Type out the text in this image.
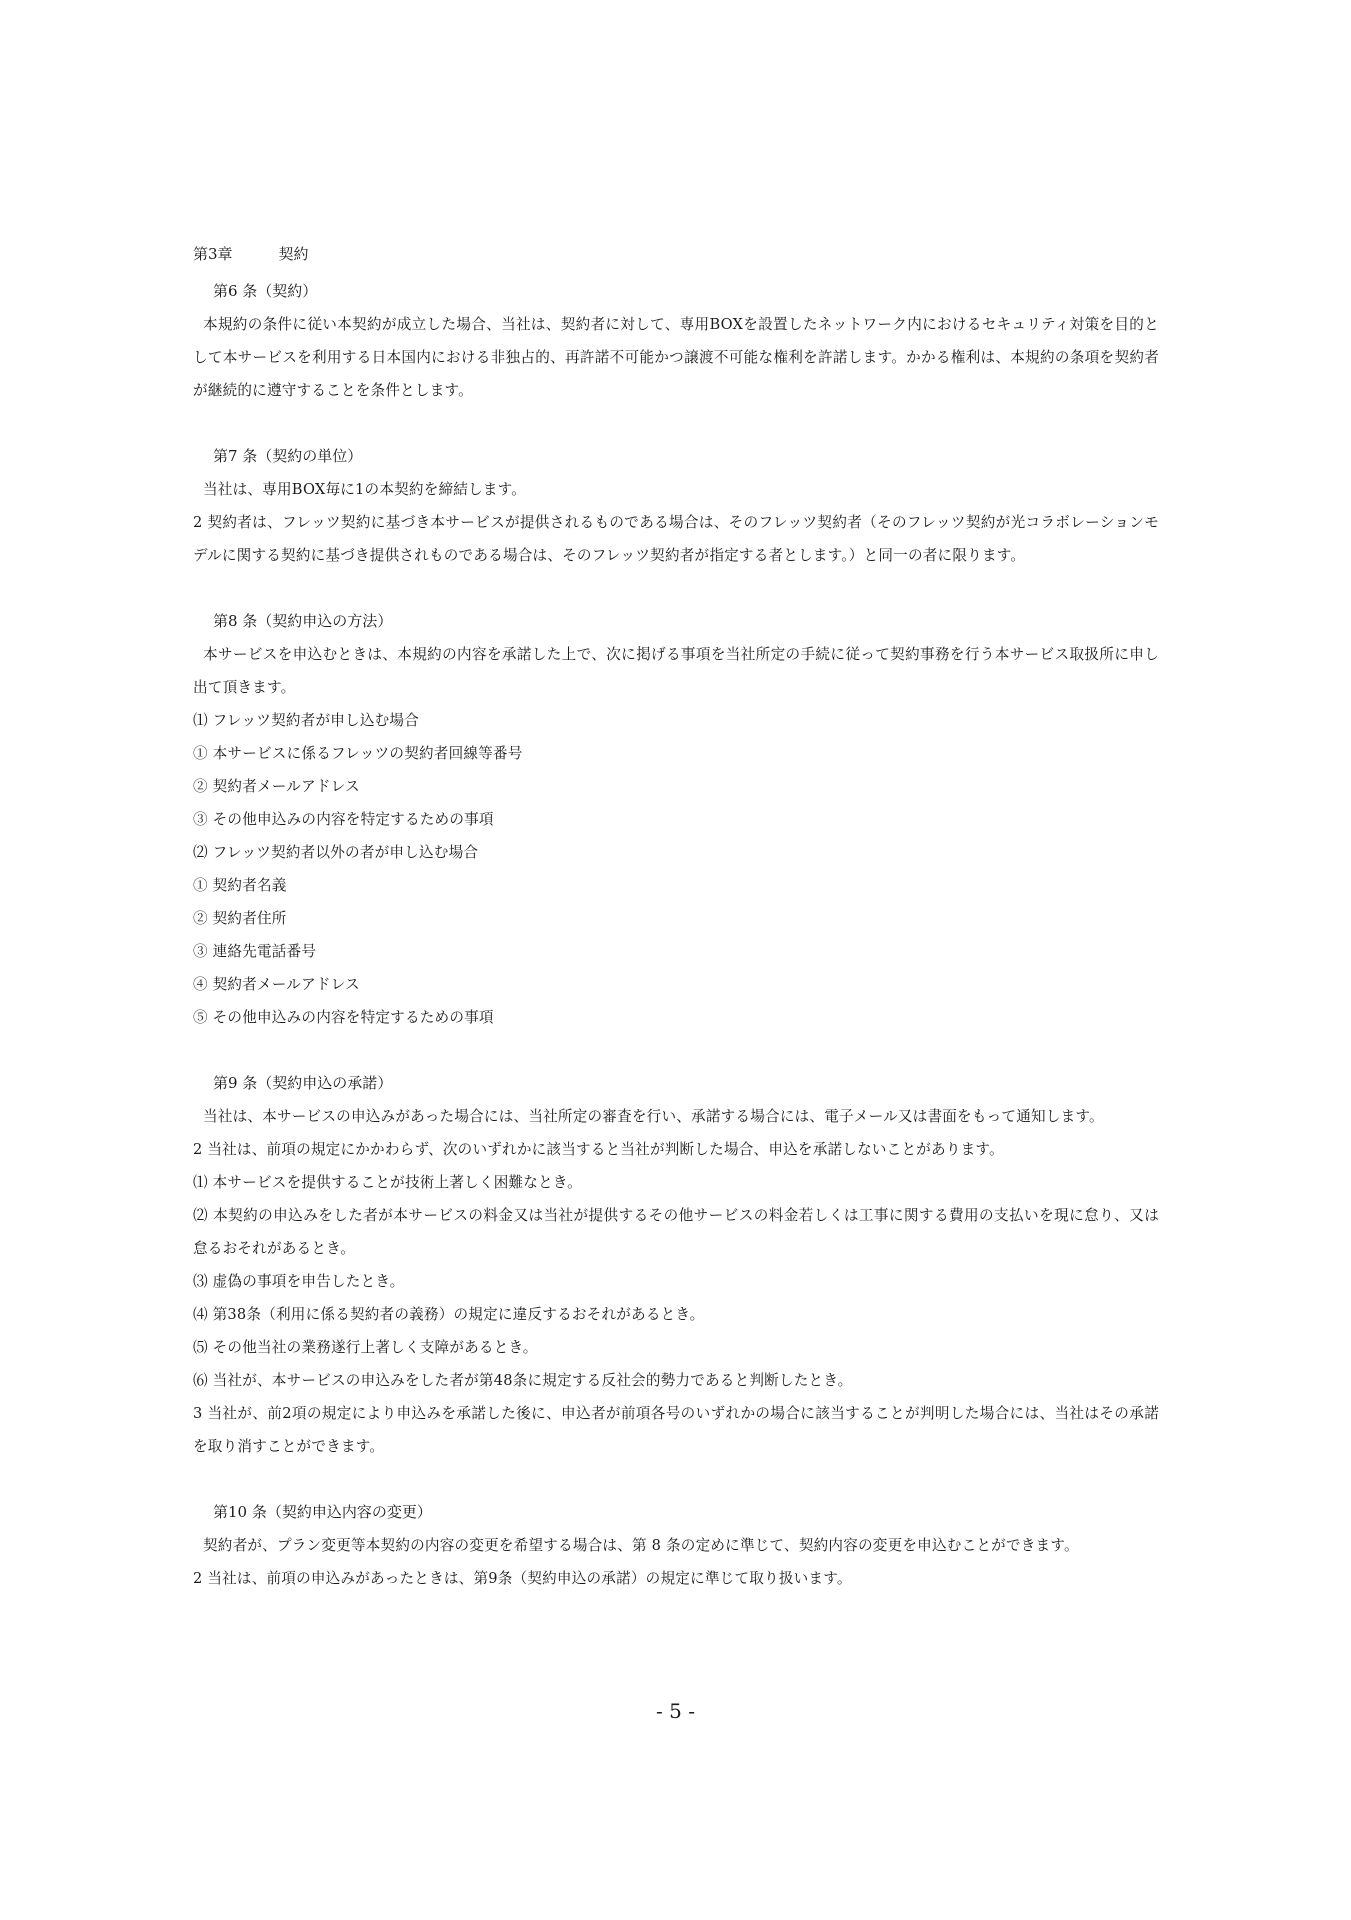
第3章	契約
第6 条（契約）

本規約の条件に従い本契約が成立した場合、当社は、契約者に対して、専用BOXを設置したネットワーク内におけるセキュリティ対策を目的として本サービスを利用する日本国内における非独占的、再許諾不可能かつ譲渡不可能な権利を許諾します。かかる権利は、本規約の条項を契約者が継続的に遵守することを条件とします。

第7 条（契約の単位）

当社は、専用BOX毎に1の本契約を締結します。

2 契約者は、フレッツ契約に基づき本サービスが提供されるものである場合は、そのフレッツ契約者（そのフレッツ契約が光コラボレーションモデルに関する契約に基づき提供されものである場合は、そのフレッツ契約者が指定する者とします。）と同一の者に限ります。

第8 条（契約申込の方法）

本サービスを申込むときは、本規約の内容を承諾した上で、次に掲げる事項を当社所定の手続に従って契約事務を行う本サービス取扱所に申し出て頂きます。

⑴ フレッツ契約者が申し込む場合

① 本サービスに係るフレッツの契約者回線等番号

② 契約者メールアドレス

③ その他申込みの内容を特定するための事項

⑵ フレッツ契約者以外の者が申し込む場合

① 契約者名義

② 契約者住所

③ 連絡先電話番号

④ 契約者メールアドレス

⑤ その他申込みの内容を特定するための事項

第9 条（契約申込の承諾）

当社は、本サービスの申込みがあった場合には、当社所定の審査を行い、承諾する場合には、電子メール又は書面をもって通知します。

2 当社は、前項の規定にかかわらず、次のいずれかに該当すると当社が判断した場合、申込を承諾しないことがあります。

⑴ 本サービスを提供することが技術上著しく困難なとき。

⑵ 本契約の申込みをした者が本サービスの料金又は当社が提供するその他サービスの料金若しくは工事に関する費用の支払いを現に怠り、又は怠るおそれがあるとき。

⑶ 虚偽の事項を申告したとき。

⑷ 第38条（利用に係る契約者の義務）の規定に違反するおそれがあるとき。

⑸ その他当社の業務遂行上著しく支障があるとき。

⑹ 当社が、本サービスの申込みをした者が第48条に規定する反社会的勢力であると判断したとき。

3 当社が、前2項の規定により申込みを承諾した後に、申込者が前項各号のいずれかの場合に該当することが判明した場合には、当社はその承諾を取り消すことができます。

第10 条（契約申込内容の変更）

契約者が、プラン変更等本契約の内容の変更を希望する場合は、第 8 条の定めに準じて、契約内容の変更を申込むことができます。

2 当社は、前項の申込みがあったときは、第9条（契約申込の承諾）の規定に準じて取り扱います。

- 5 -
